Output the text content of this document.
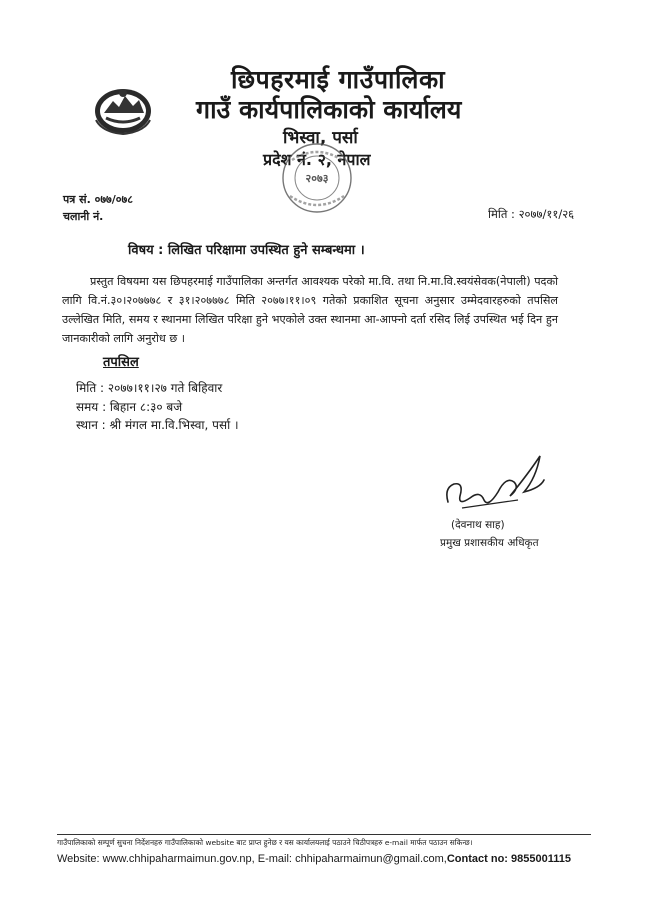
छिपहरमाई गाउँपालिका
गाउँ कार्यपालिकाको कार्यालय
भिस्वा, पर्सा
प्रदेश नं. २, नेपाल
२०७३
पत्र सं. ०७७/०७८
चलानी नं.	मिति : २०७७/११/२६
विषय : लिखित परिक्षामा उपस्थित हुने सम्बन्धमा ।
प्रस्तुत विषयमा यस छिपहरमाई गाउँपालिका अन्तर्गत आवश्यक परेको मा.वि. तथा नि.मा.वि.स्वयंसेवक(नेपाली) पदको लागि वि.नं.३०।२०७७७८ र ३१।२०७७७८ मिति २०७७।११।०९ गतेको प्रकाशित सूचना अनुसार उम्मेदवारहरुको तपसिल उल्लेखित मिति, समय र स्थानमा लिखित परिक्षा हुने भएकोले उक्त स्थानमा आ-आफ्नो दर्ता रसिद लिई उपस्थित भई दिन हुन जानकारीको लागि अनुरोध छ ।
तपसिल
मिति : २०७७।११।२७ गते बिहिवार
समय : बिहान ८:३० बजे
स्थान : श्री मंगल मा.वि.भिस्वा, पर्सा ।
(देवनाथ साह)
प्रमुख प्रशासकीय अधिकृत
गाउँपालिकाको सम्पूर्ण सुचना निर्देशनहरु गाउँपालिकाको website बाट प्राप्त हुनेछ र यस कार्यालयलाई पठाउने चिठीपत्रहरु e-mail मार्फत पठाउन सकिन्छ।
Website: www.chhipaharmaimun.gov.np, E-mail: chhipaharmaimun@gmail.com,Contact no: 9855001115
